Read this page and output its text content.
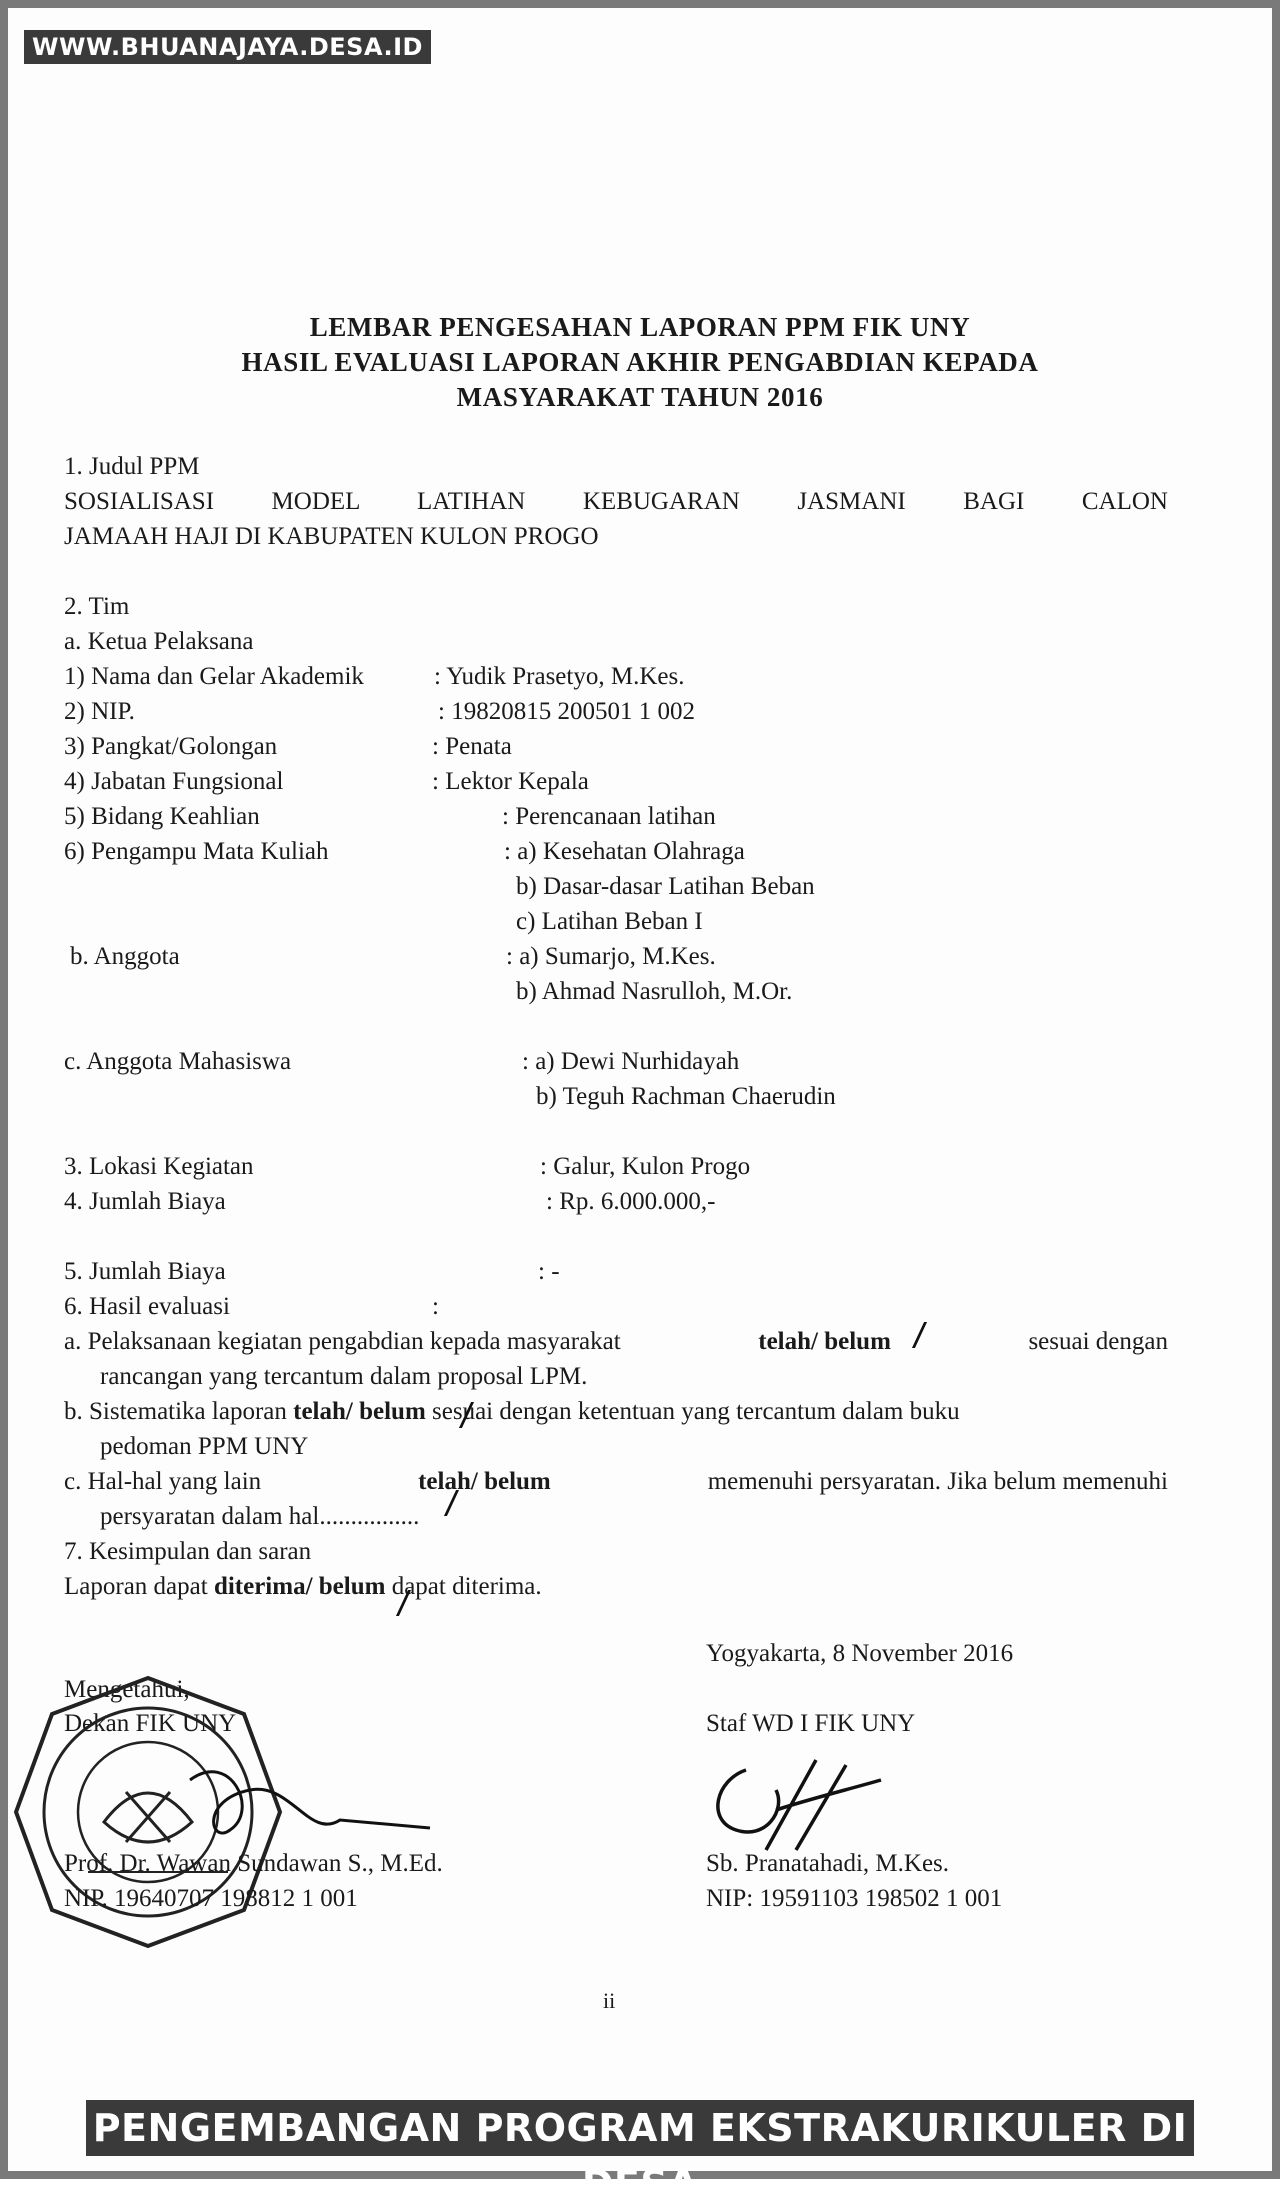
WWW.BHUANAJAYA.DESA.ID
LEMBAR PENGESAHAN LAPORAN PPM FIK UNY
HASIL EVALUASI LAPORAN AKHIR PENGABDIAN KEPADA
MASYARAKAT TAHUN 2016
1. Judul PPM
SOSIALISASI MODEL LATIHAN KEBUGARAN JASMANI BAGI CALON
JAMAAH HAJI DI KABUPATEN KULON PROGO
2. Tim
a. Ketua Pelaksana
1) Nama dan Gelar Akademik	: Yudik Prasetyo, M.Kes.
2) NIP.	: 19820815 200501 1 002
3) Pangkat/Golongan	: Penata
4) Jabatan Fungsional	: Lektor Kepala
5) Bidang Keahlian	: Perencanaan latihan
6) Pengampu Mata Kuliah	: a) Kesehatan Olahraga
b) Dasar-dasar Latihan Beban
c) Latihan Beban I
b. Anggota	: a) Sumarjo, M.Kes.
b) Ahmad Nasrulloh, M.Or.
c. Anggota Mahasiswa	: a) Dewi Nurhidayah
b) Teguh Rachman Chaerudin
3. Lokasi Kegiatan	: Galur, Kulon Progo
4. Jumlah Biaya	: Rp. 6.000.000,-
5. Jumlah Biaya	: -
6. Hasil evaluasi	:
a. Pelaksanaan kegiatan pengabdian kepada masyarakat	telah/ belum	sesuai dengan
rancangan yang tercantum dalam proposal LPM.
b. Sistematika laporan telah/ belum sesuai dengan ketentuan yang tercantum dalam buku
pedoman PPM UNY
c. Hal-hal yang lain	telah/ belum	memenuhi persyaratan. Jika belum memenuhi
persyaratan dalam hal................
7. Kesimpulan dan saran
Laporan dapat diterima/ belum dapat diterima.
Yogyakarta, 8 November 2016
Mengetahui,
Dekan FIK UNY	Staf WD I FIK UNY
Prof. Dr. Wawan Sundawan S., M.Ed.	Sb. Pranatahadi, M.Kes.
NIP. 19640707 198812 1 001	NIP: 19591103 198502 1 001
ii
PENGEMBANGAN PROGRAM EKSTRAKURIKULER DI DESA
